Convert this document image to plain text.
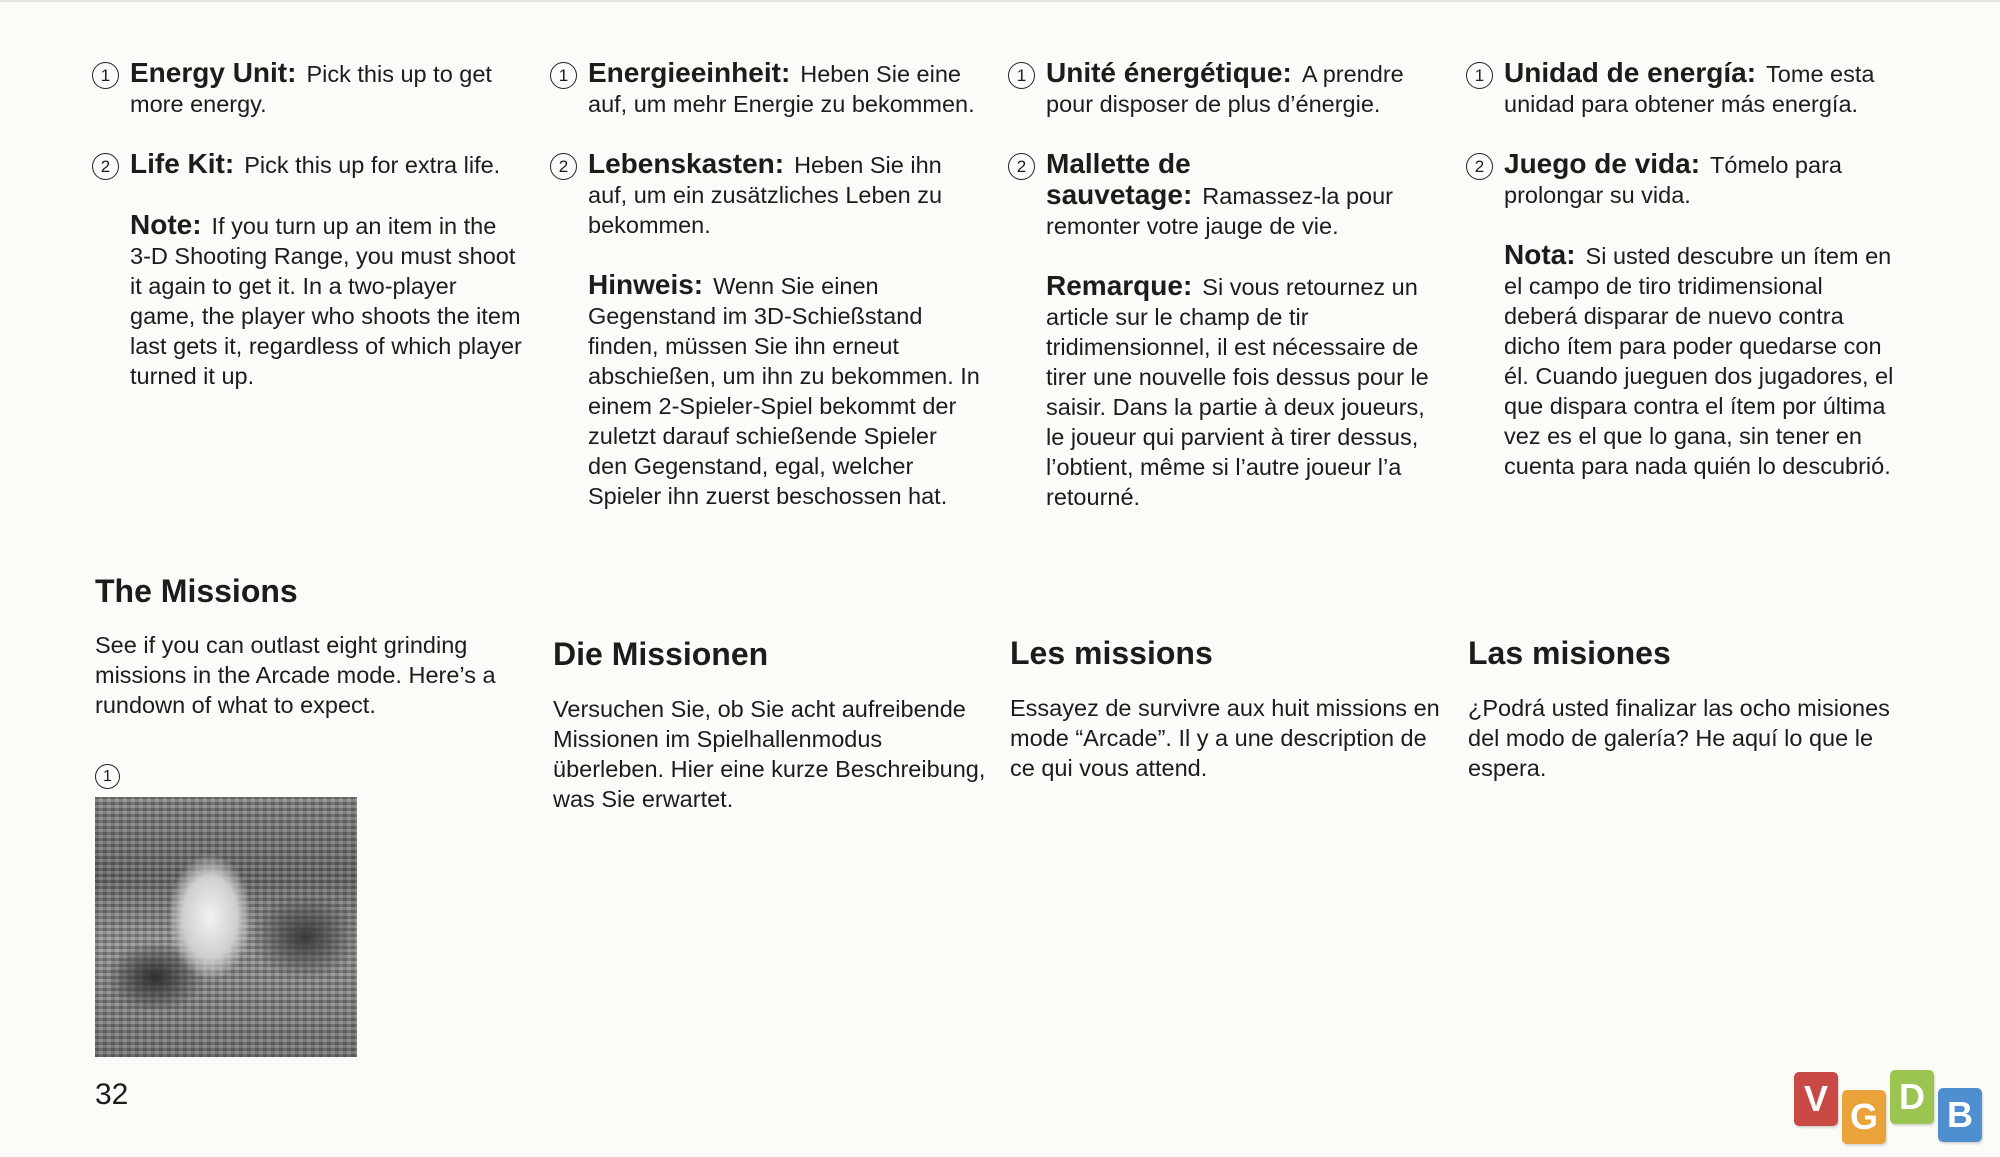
1 Energy Unit: Pick this up to get more energy.
2 Life Kit: Pick this up for extra life.
Note: If you turn up an item in the 3-D Shooting Range, you must shoot it again to get it. In a two-player game, the player who shoots the item last gets it, regardless of which player turned it up.
The Missions
See if you can outlast eight grinding missions in the Arcade mode. Here’s a rundown of what to expect.
1 Energieeinheit: Heben Sie eine auf, um mehr Energie zu bekommen.
2 Lebenskasten: Heben Sie ihn auf, um ein zusätzliches Leben zu bekommen.
Hinweis: Wenn Sie einen Gegenstand im 3D-Schießstand finden, müssen Sie ihn erneut abschießen, um ihn zu bekommen. In einem 2-Spieler-Spiel bekommt der zuletzt darauf schießende Spieler den Gegenstand, egal, welcher Spieler ihn zuerst beschossen hat.
Die Missionen
Versuchen Sie, ob Sie acht aufreibende Missionen im Spielhallenmodus überleben. Hier eine kurze Beschreibung, was Sie erwartet.
1 Unité énergétique: A prendre pour disposer de plus d’énergie.
2 Mallette de sauvetage: Ramassez-la pour remonter votre jauge de vie.
Remarque: Si vous retournez un article sur le champ de tir tridimensionnel, il est nécessaire de tirer une nouvelle fois dessus pour le saisir. Dans la partie à deux joueurs, le joueur qui parvient à tirer dessus, l’obtient, même si l’autre joueur l’a retourné.
Les missions
Essayez de survivre aux huit missions en mode “Arcade”. Il y a une description de ce qui vous attend.
1 Unidad de energía: Tome esta unidad para obtener más energía.
2 Juego de vida: Tómelo para prolongar su vida.
Nota: Si usted descubre un ítem en el campo de tiro tridimensional deberá disparar de nuevo contra dicho ítem para poder quedarse con él. Cuando jueguen dos jugadores, el que dispara contra el ítem por última vez es el que lo gana, sin tener en cuenta para nada quién lo descubrió.
Las misiones
¿Podrá usted finalizar las ocho misiones del modo de galería? He aquí lo que le espera.
1
32	V G D B
